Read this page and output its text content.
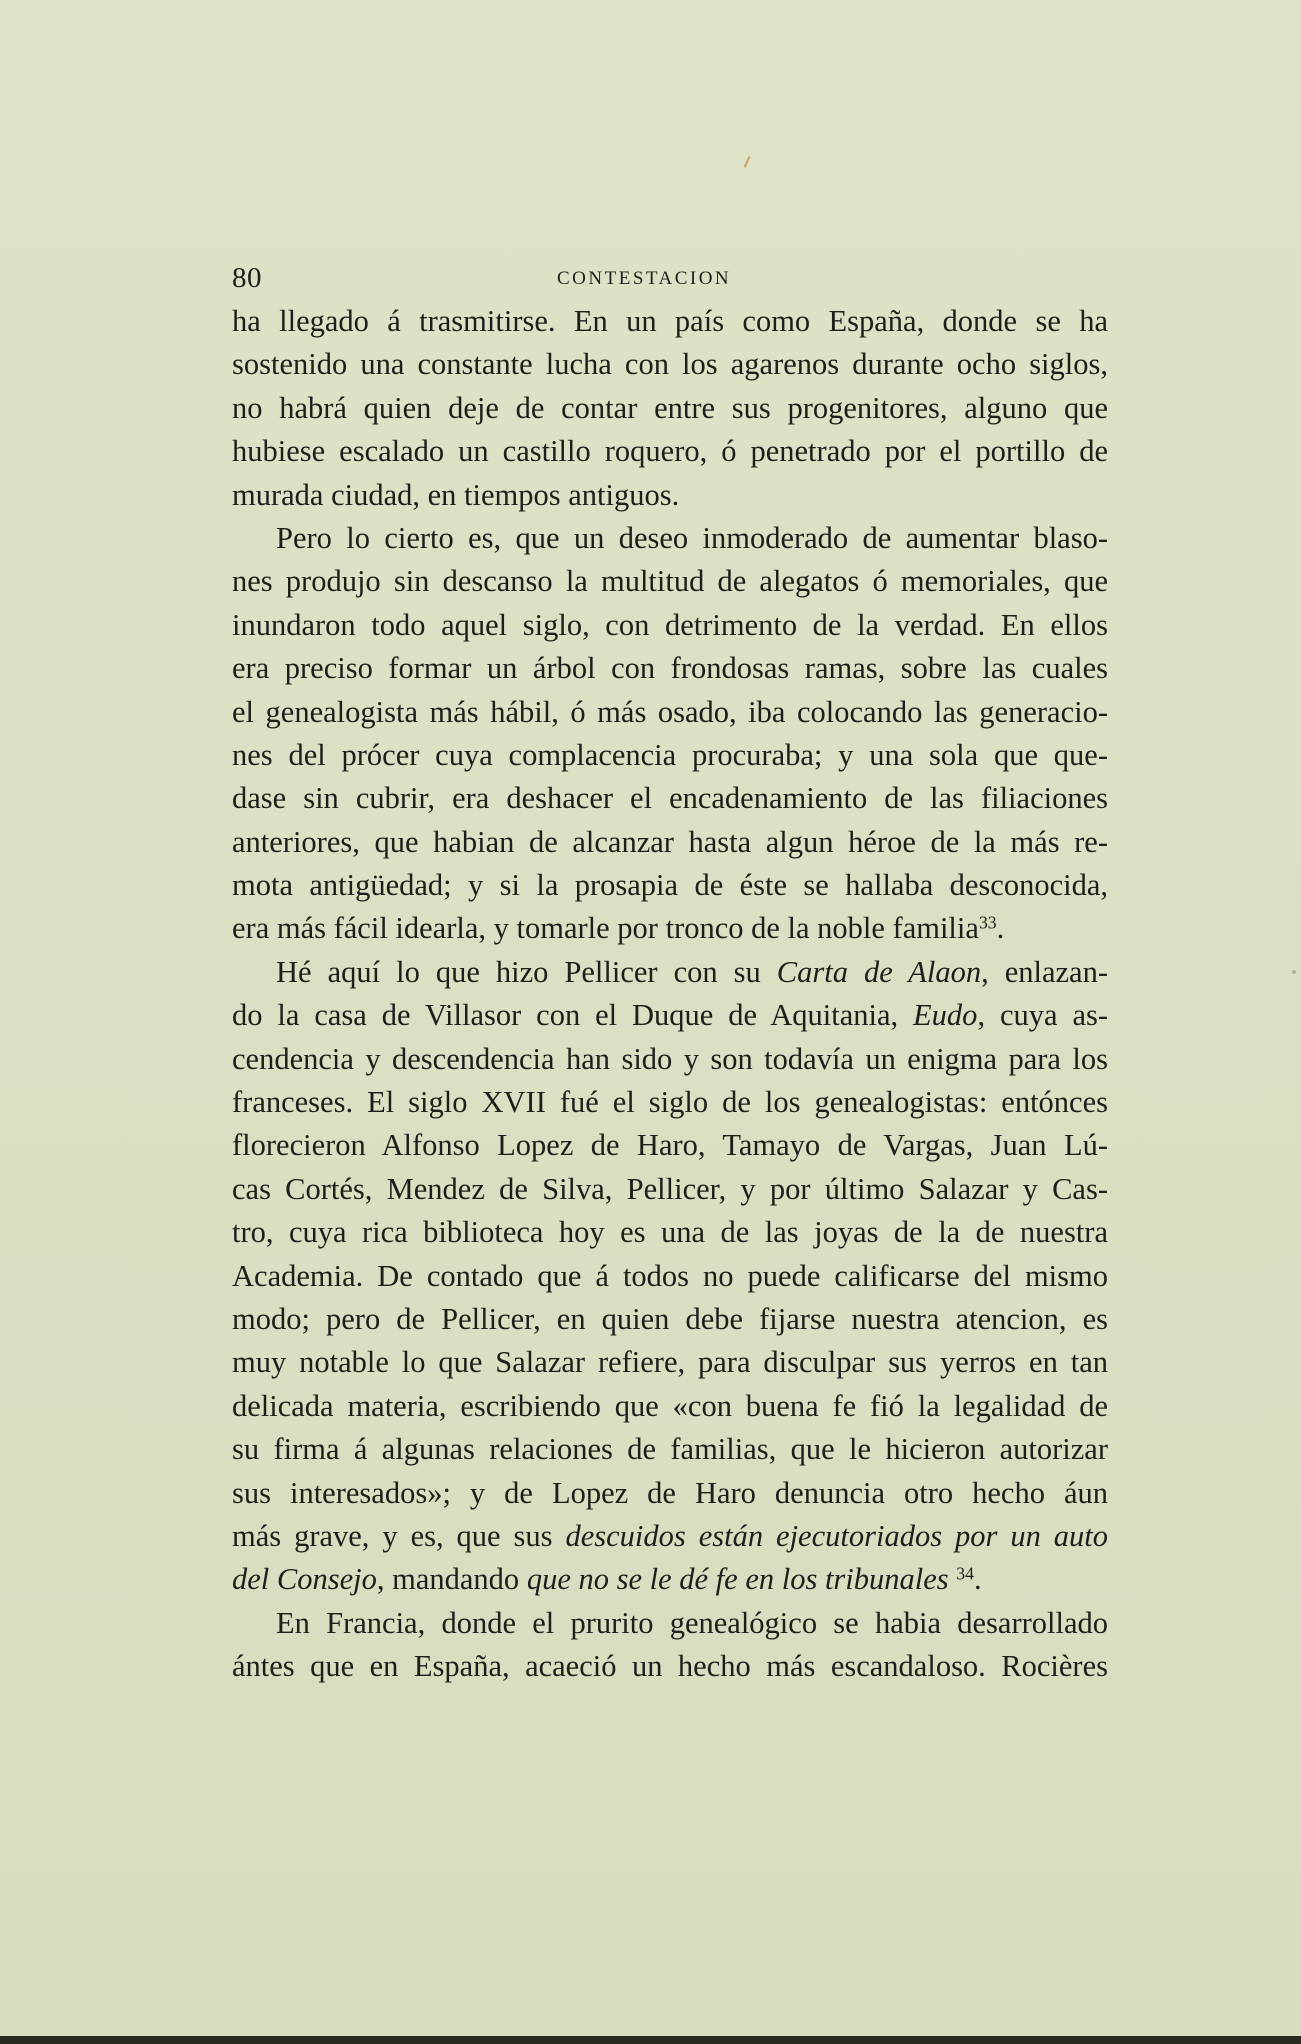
80	CONTESTACION
ha llegado á trasmitirse. En un país como España, donde se ha
sostenido una constante lucha con los agarenos durante ocho siglos,
no habrá quien deje de contar entre sus progenitores, alguno que
hubiese escalado un castillo roquero, ó penetrado por el portillo de
murada ciudad, en tiempos antiguos.
Pero lo cierto es, que un deseo inmoderado de aumentar blaso-
nes produjo sin descanso la multitud de alegatos ó memoriales, que
inundaron todo aquel siglo, con detrimento de la verdad. En ellos
era preciso formar un árbol con frondosas ramas, sobre las cuales
el genealogista más hábil, ó más osado, iba colocando las generacio-
nes del prócer cuya complacencia procuraba; y una sola que que-
dase sin cubrir, era deshacer el encadenamiento de las filiaciones
anteriores, que habian de alcanzar hasta algun héroe de la más re-
mota antigüedad; y si la prosapia de éste se hallaba desconocida,
era más fácil idearla, y tomarle por tronco de la noble familia$^{33}$.
Hé aquí lo que hizo Pellicer con su Carta de Alaon, enlazan-
do la casa de Villasor con el Duque de Aquitania, Eudo, cuya as-
cendencia y descendencia han sido y son todavía un enigma para los
franceses. El siglo XVII fué el siglo de los genealogistas: entónces
florecieron Alfonso Lopez de Haro, Tamayo de Vargas, Juan Lú-
cas Cortés, Mendez de Silva, Pellicer, y por último Salazar y Cas-
tro, cuya rica biblioteca hoy es una de las joyas de la de nuestra
Academia. De contado que á todos no puede calificarse del mismo
modo; pero de Pellicer, en quien debe fijarse nuestra atencion, es
muy notable lo que Salazar refiere, para disculpar sus yerros en tan
delicada materia, escribiendo que «con buena fe fió la legalidad de
su firma á algunas relaciones de familias, que le hicieron autorizar
sus interesados»; y de Lopez de Haro denuncia otro hecho áun
más grave, y es, que sus descuidos están ejecutoriados por un auto
del Consejo, mandando que no se le dé fe en los tribunales $^{34}$.
En Francia, donde el prurito genealógico se habia desarrollado
ántes que en España, acaeció un hecho más escandaloso. Rocières
